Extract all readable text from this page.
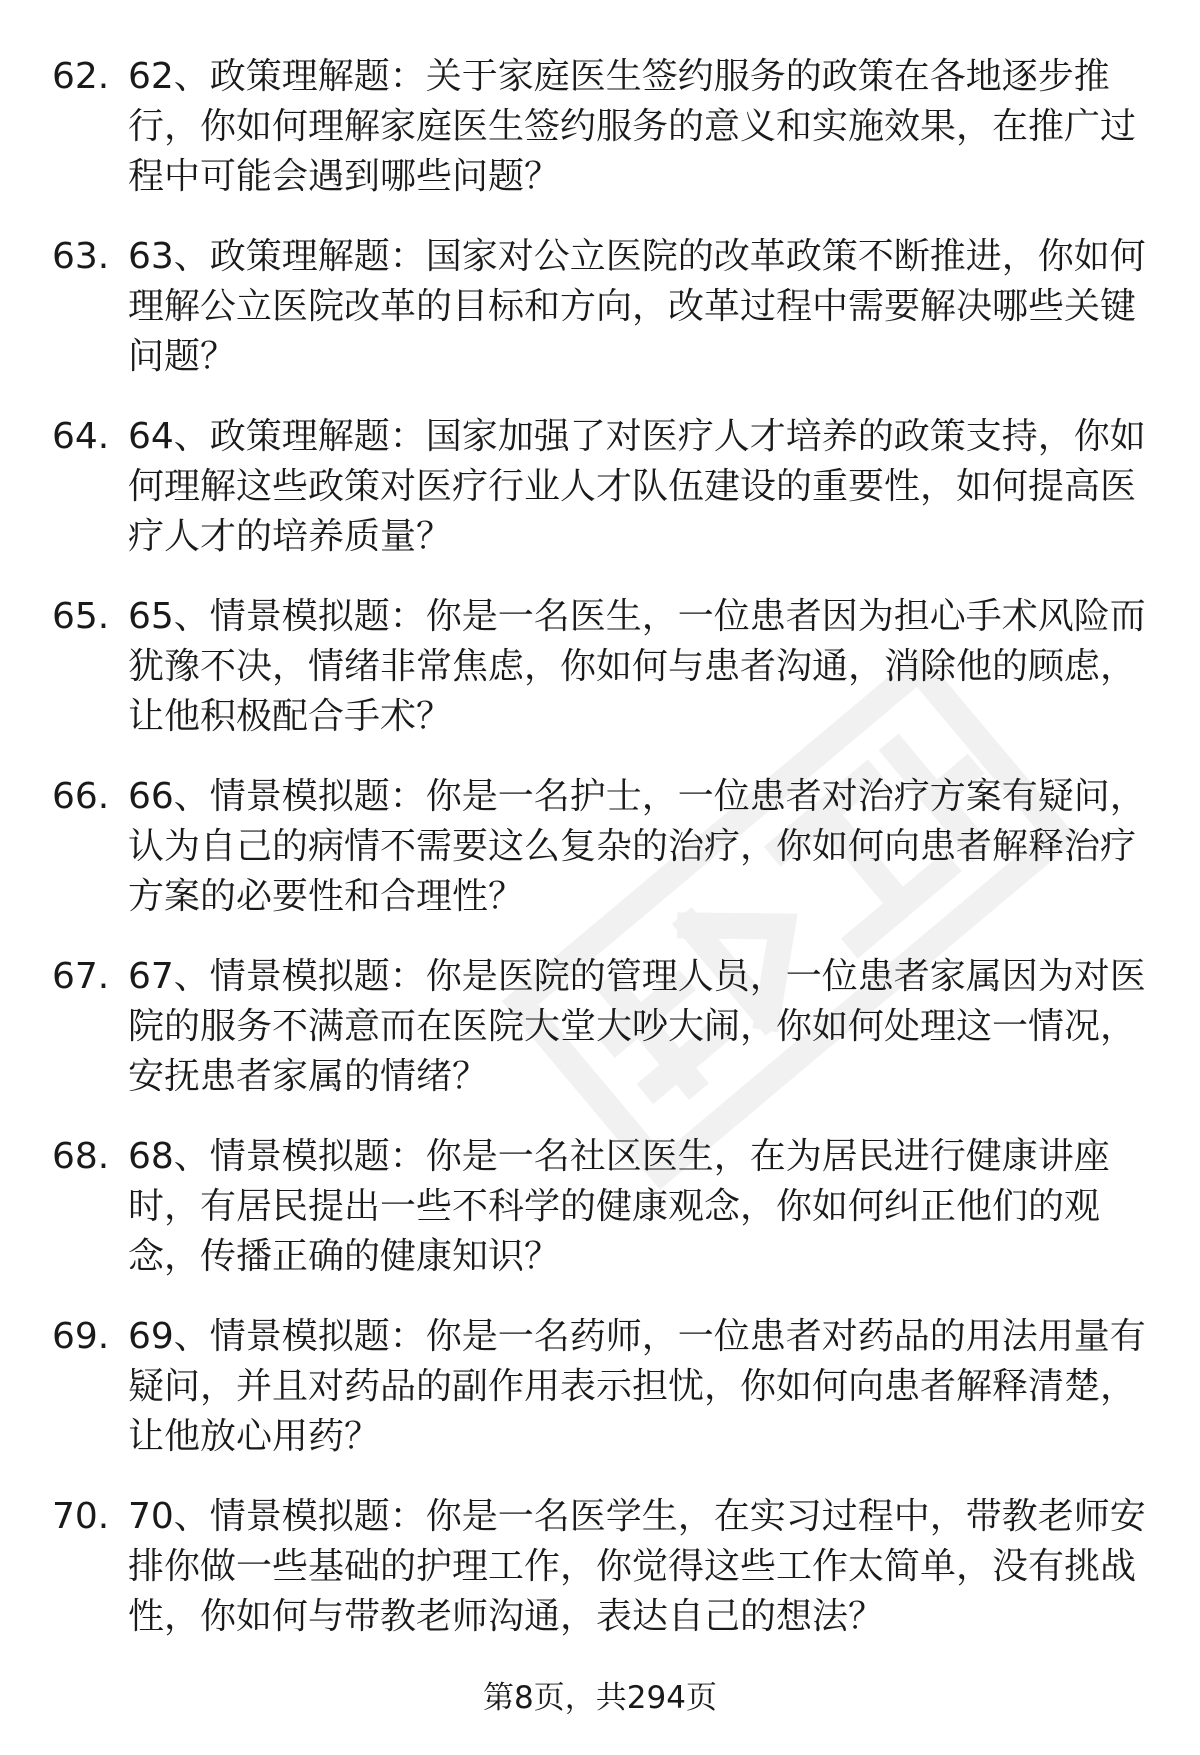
62. 62、政策理解题：关于家庭医生签约服务的政策在各地逐步推行，你如何理解家庭医生签约服务的意义和实施效果，在推广过程中可能会遇到哪些问题？
63. 63、政策理解题：国家对公立医院的改革政策不断推进，你如何理解公立医院改革的目标和方向，改革过程中需要解决哪些关键问题？
64. 64、政策理解题：国家加强了对医疗人才培养的政策支持，你如何理解这些政策对医疗行业人才队伍建设的重要性，如何提高医疗人才的培养质量？
65. 65、情景模拟题：你是一名医生，一位患者因为担心手术风险而犹豫不决，情绪非常焦虑，你如何与患者沟通，消除他的顾虑，让他积极配合手术？
66. 66、情景模拟题：你是一名护士，一位患者对治疗方案有疑问，认为自己的病情不需要这么复杂的治疗，你如何向患者解释治疗方案的必要性和合理性？
67. 67、情景模拟题：你是医院的管理人员，一位患者家属因为对医院的服务不满意而在医院大堂大吵大闹，你如何处理这一情况，安抚患者家属的情绪？
68. 68、情景模拟题：你是一名社区医生，在为居民进行健康讲座时，有居民提出一些不科学的健康观念，你如何纠正他们的观念，传播正确的健康知识？
69. 69、情景模拟题：你是一名药师，一位患者对药品的用法用量有疑问，并且对药品的副作用表示担忧，你如何向患者解释清楚，让他放心用药？
70. 70、情景模拟题：你是一名医学生，在实习过程中，带教老师安排你做一些基础的护理工作，你觉得这些工作太简单，没有挑战性，你如何与带教老师沟通，表达自己的想法？
第8页，共294页
